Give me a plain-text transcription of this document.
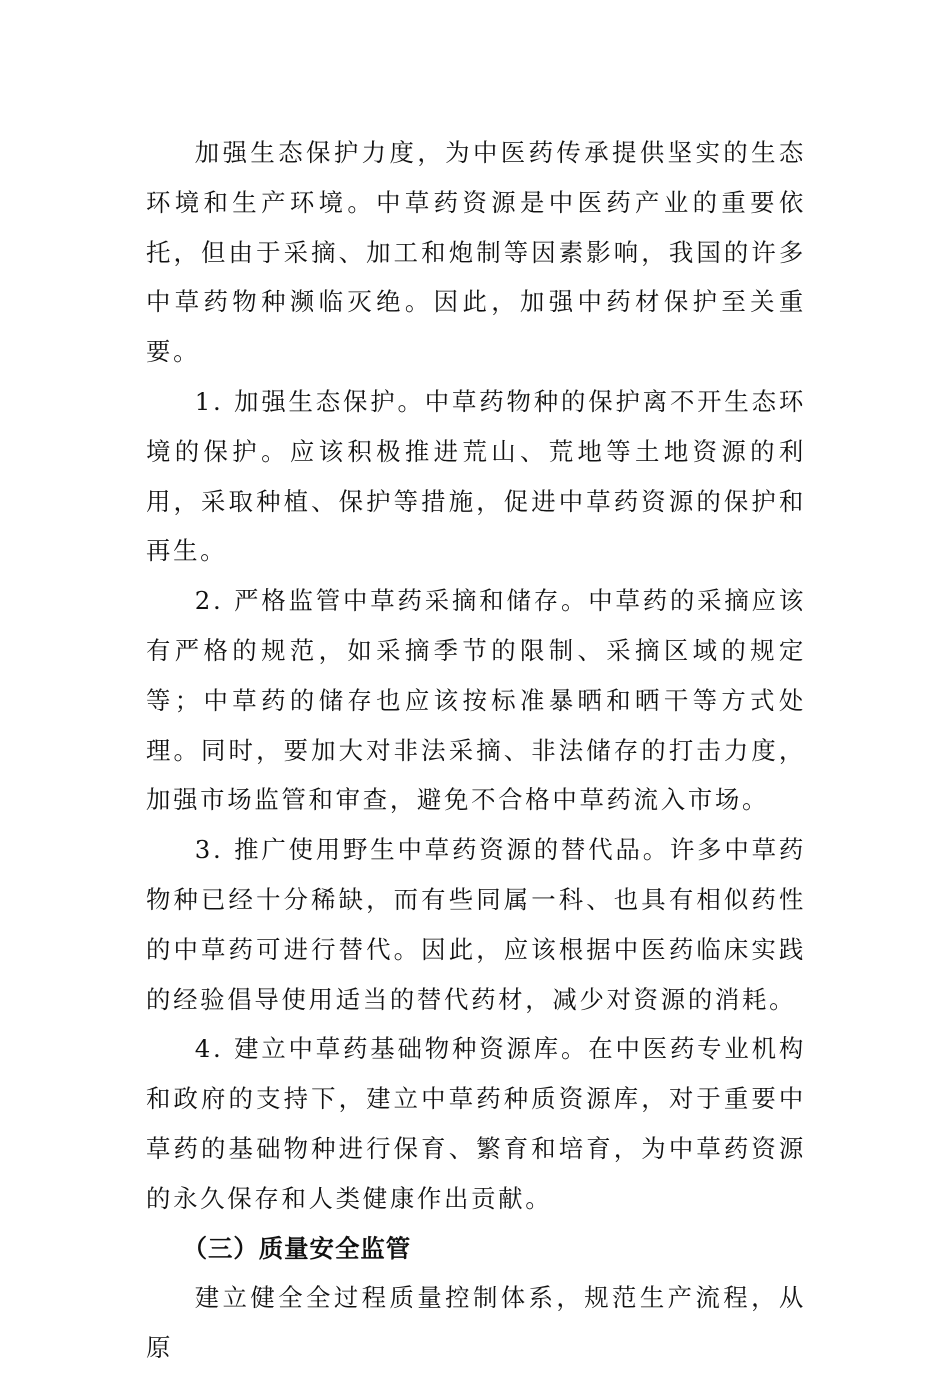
加强生态保护力度，为中医药传承提供坚实的生态环境和生产环境。中草药资源是中医药产业的重要依托，但由于采摘、加工和炮制等因素影响，我国的许多中草药物种濒临灭绝。因此，加强中药材保护至关重要。

1. 加强生态保护。中草药物种的保护离不开生态环境的保护。应该积极推进荒山、荒地等土地资源的利用，采取种植、保护等措施，促进中草药资源的保护和再生。

2. 严格监管中草药采摘和储存。中草药的采摘应该有严格的规范，如采摘季节的限制、采摘区域的规定等；中草药的储存也应该按标准暴晒和晒干等方式处理。同时，要加大对非法采摘、非法储存的打击力度，加强市场监管和审查，避免不合格中草药流入市场。

3. 推广使用野生中草药资源的替代品。许多中草药物种已经十分稀缺，而有些同属一科、也具有相似药性的中草药可进行替代。因此，应该根据中医药临床实践的经验倡导使用适当的替代药材，减少对资源的消耗。

4. 建立中草药基础物种资源库。在中医药专业机构和政府的支持下，建立中草药种质资源库，对于重要中草药的基础物种进行保育、繁育和培育，为中草药资源的永久保存和人类健康作出贡献。

（三）质量安全监管

建立健全全过程质量控制体系，规范生产流程，从原
